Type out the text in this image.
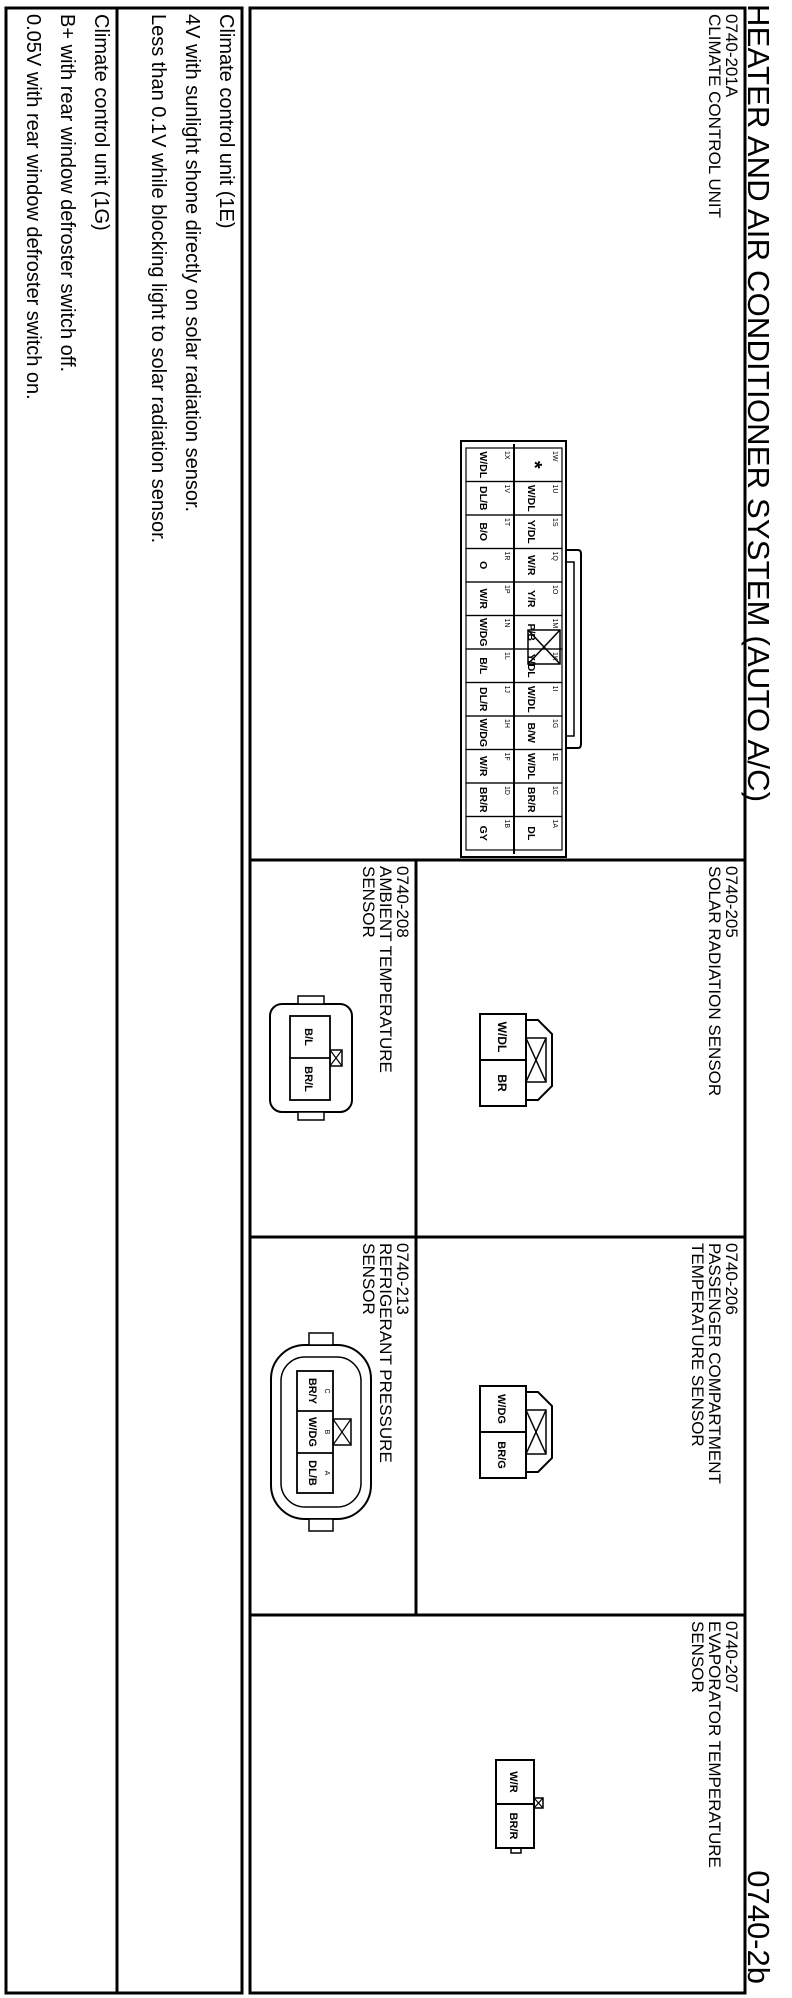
HEATER AND AIR CONDITIONER SYSTEM (AUTO A/C)
0740-2b
0740-201A
CLIMATE CONTROL UNIT
1W
*
1U
W/DL
1S
Y/DL
1Q
W/R
1O
Y/R
1M
P/B
1K
Y/DL
1I
W/DL
1G
B/W
1E
W/DL
1C
BR/R
1A
DL
1X
W/DL
1V
DL/B
1T
B/O
1R
O
1P
W/R
1N
W/DG
1L
B/L
1J
DL/R
1H
W/DG
1F
W/R
1D
BR/R
1B
GY
0740-205
SOLAR RADIATION SENSOR
W/DL
BR
0740-206
PASSENGER COMPARTMENT
TEMPERATURE SENSOR
W/DG
BR/G
0740-207
EVAPORATOR TEMPERATURE
SENSOR
W/R
BR/R
0740-208
AMBIENT TEMPERATURE
SENSOR
B/L
BR/L
0740-213
REFRIGERANT PRESSURE
SENSOR
C
BR/Y
B
W/DG
A
DL/B
Climate control unit (1E)
4V with sunlight shone directly on solar radiation sensor.
Less than 0.1V while blocking light to solar radiation sensor.
Climate control unit (1G)
B+ with rear window defroster switch off.
0.05V with rear window defroster switch on.
